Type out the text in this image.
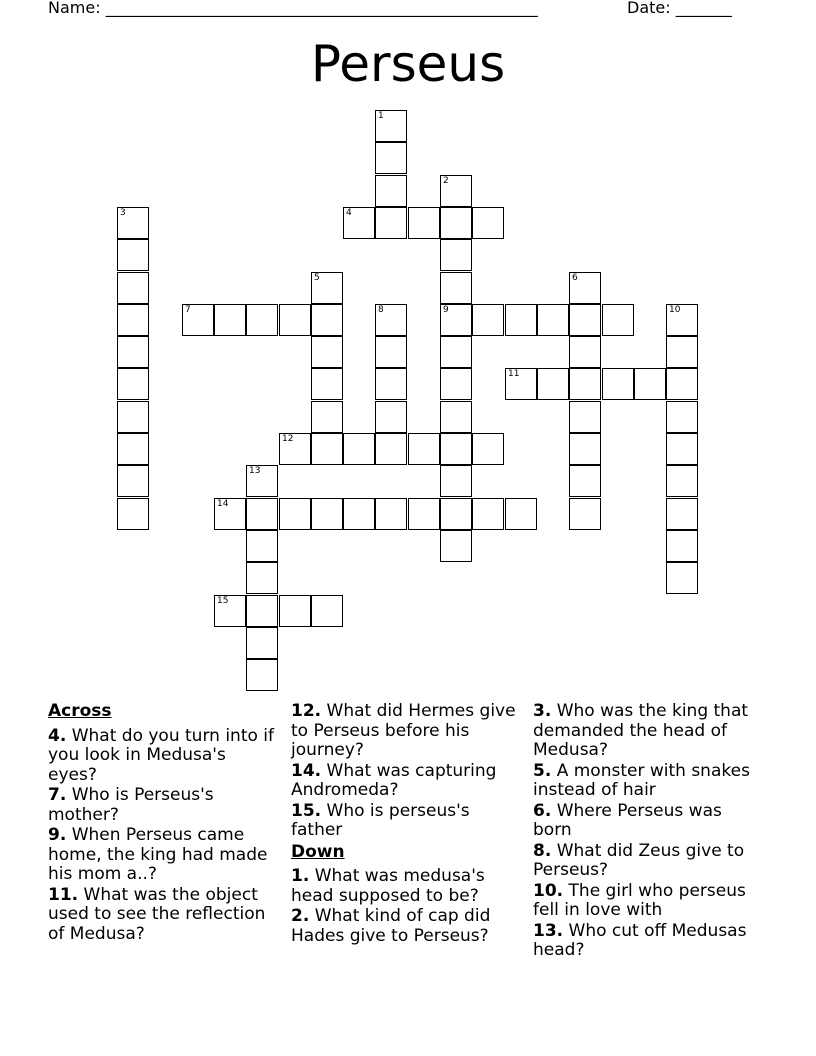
Name: ______________________________________________________	Date: _______
Perseus
1
2
9
3	4
5	6
7	8	10
11
12
13
14
15
Across
4. What do you turn into if you look in Medusa's eyes?
7. Who is Perseus's mother?
9. When Perseus came home, the king had made his mom a..?
11. What was the object used to see the reflection of Medusa?
12. What did Hermes give to Perseus before his journey?
14. What was capturing Andromeda?
15. Who is perseus's father
Down
1. What was medusa's head supposed to be?
2. What kind of cap did Hades give to Perseus?
3. Who was the king that demanded the head of Medusa?
5. A monster with snakes instead of hair
6. Where Perseus was born
8. What did Zeus give to Perseus?
10. The girl who perseus fell in love with
13. Who cut off Medusas head?
